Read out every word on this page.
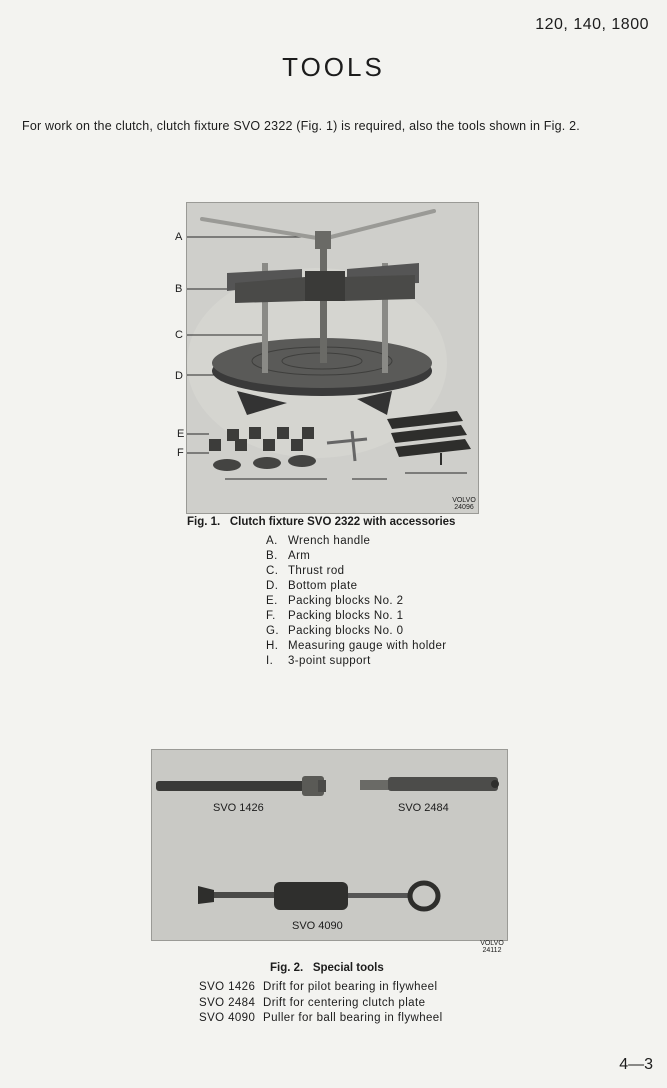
120, 140, 1800
TOOLS
For work on the clutch, clutch fixture SVO 2322 (Fig. 1) is required, also the tools shown in Fig. 2.
A
B
C
D
E
F
VOLVO
24096
Fig. 1. Clutch fixture SVO 2322 with accessories
A. Wrench handle
B. Arm
C. Thrust rod
D. Bottom plate
E. Packing blocks No. 2
F. Packing blocks No. 1
G. Packing blocks No. 0
H. Measuring gauge with holder
I. 3-point support
SVO 1426	SVO 2484
SVO 4090
VOLVO
24112
Fig. 2. Special tools
SVO 1426 Drift for pilot bearing in flywheel
SVO 2484 Drift for centering clutch plate
SVO 4090 Puller for ball bearing in flywheel
4—3
